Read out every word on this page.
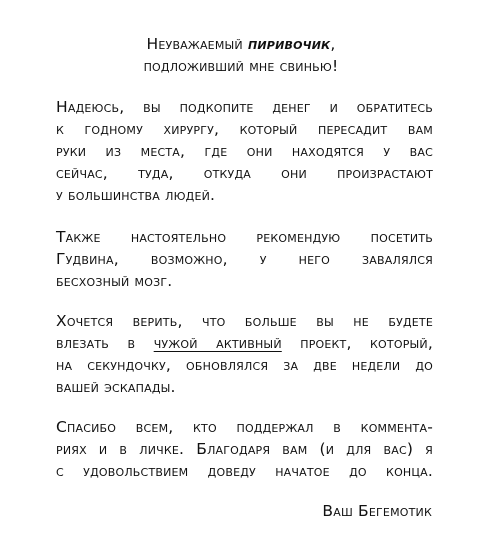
Неуважаемый пиривочик,
подложивший мне свинью!
Надеюсь, вы подкопите денег и обратитесь
к годному хирургу, который пересадит вам
руки из места, где они находятся у вас
сейчас, туда, откуда они произрастают
у большинства людей.
Также настоятельно рекомендую посетить
Гудвина, возможно, у него завалялся
бесхозный мозг.
Хочется верить, что больше вы не будете
влезать в чужой активный проект, который,
на секундочку, обновлялся за две недели до
вашей эскапады.
Спасибо всем, кто поддержал в коммента-
риях и в личке. Благодаря вам (и для вас) я
с удовольствием доведу начатое до конца.
Ваш Бегемотик
